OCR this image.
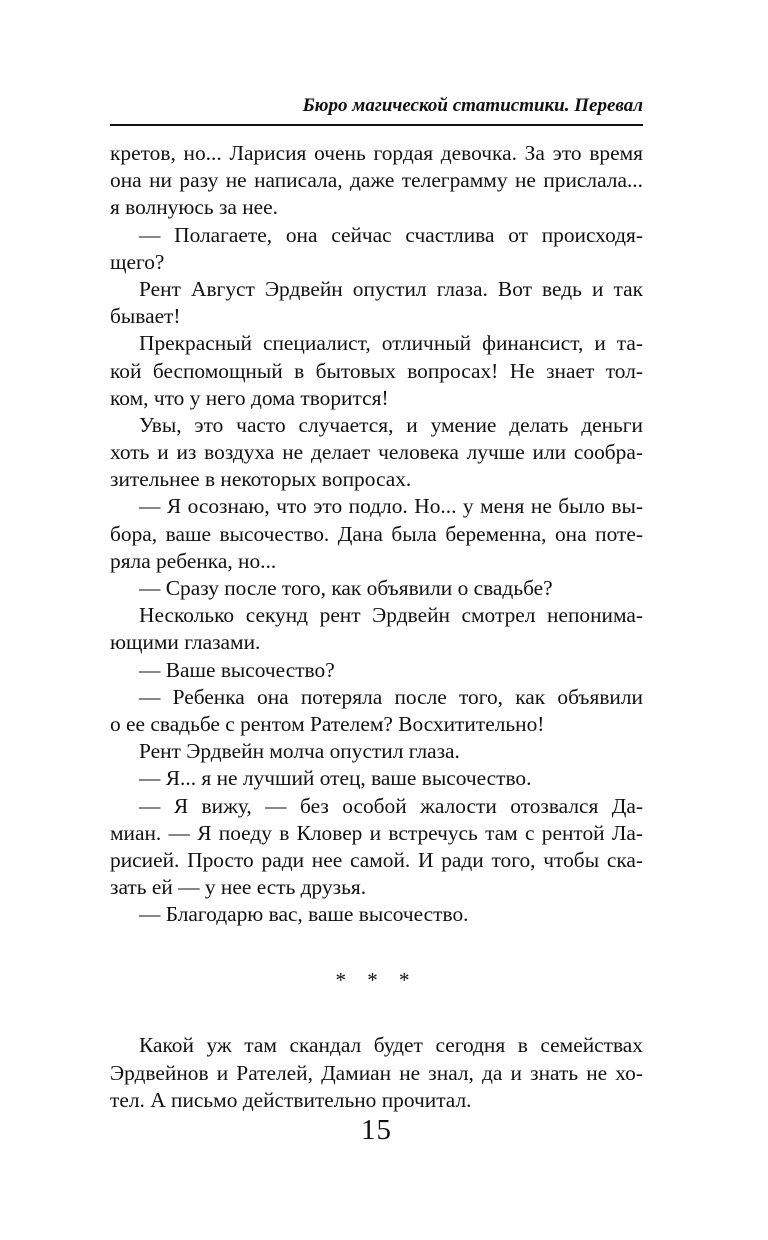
Бюро магической статистики. Перевал
кретов, но... Ларисия очень гордая девочка. За это время
она ни разу не написала, даже телеграмму не прислала...
я волнуюсь за нее.
— Полагаете, она сейчас счастлива от происходя-
щего?
Рент Август Эрдвейн опустил глаза. Вот ведь и так
бывает!
Прекрасный специалист, отличный финансист, и та-
кой беспомощный в бытовых вопросах! Не знает тол-
ком, что у него дома творится!
Увы, это часто случается, и умение делать деньги
хоть и из воздуха не делает человека лучше или сообра-
зительнее в некоторых вопросах.
— Я осознаю, что это подло. Но... у меня не было вы-
бора, ваше высочество. Дана была беременна, она поте-
ряла ребенка, но...
— Сразу после того, как объявили о свадьбе?
Несколько секунд рент Эрдвейн смотрел непонима-
ющими глазами.
— Ваше высочество?
— Ребенка она потеряла после того, как объявили
о ее свадьбе с рентом Рателем? Восхитительно!
Рент Эрдвейн молча опустил глаза.
— Я... я не лучший отец, ваше высочество.
— Я вижу, — без особой жалости отозвался Да-
миан. — Я поеду в Кловер и встречусь там с рентой Ла-
рисией. Просто ради нее самой. И ради того, чтобы ска-
зать ей — у нее есть друзья.
— Благодарю вас, ваше высочество.
* * *
Какой уж там скандал будет сегодня в семействах
Эрдвейнов и Рателей, Дамиан не знал, да и знать не хо-
тел. А письмо действительно прочитал.
15
